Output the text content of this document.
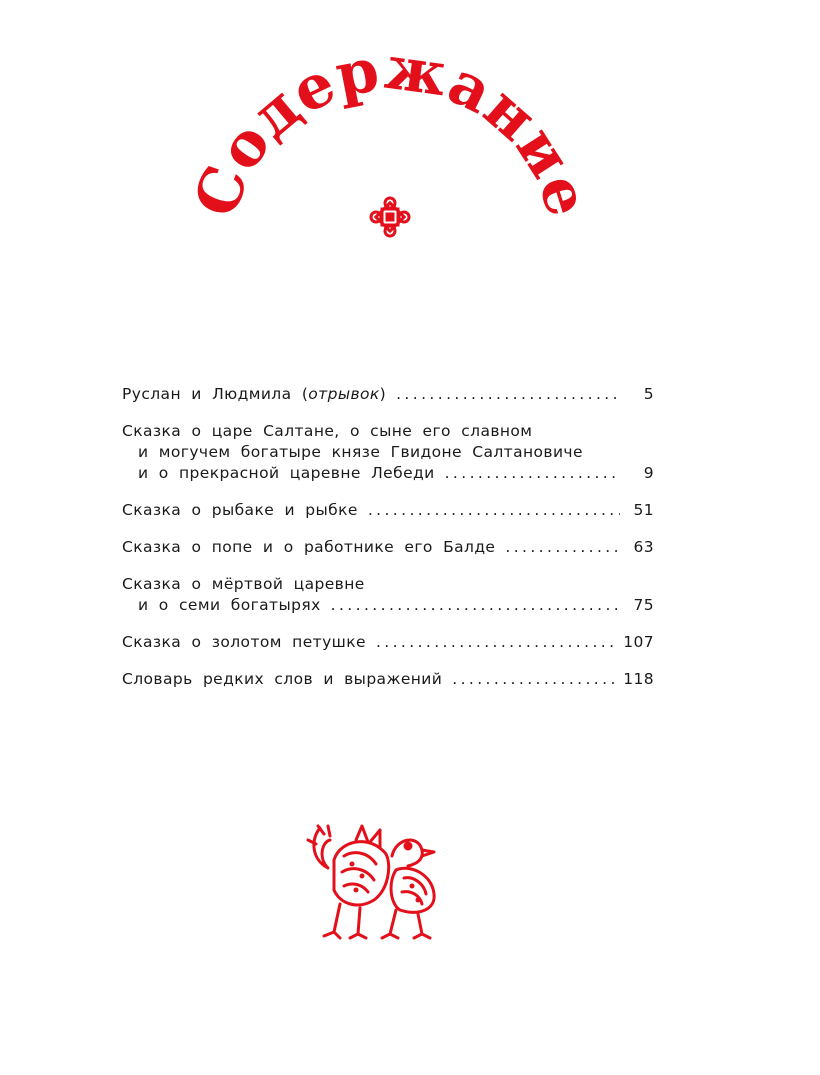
Содержание
Руслан и Людмила (отрывок) .....	5
Сказка о царе Салтане, о сыне его славном
и могучем богатыре князе Гвидоне Салтановиче
и о прекрасной царевне Лебеди .....	9
Сказка о рыбаке и рыбке .....	51
Сказка о попе и о работнике его Балде .....	63
Сказка о мёртвой царевне
и о семи богатырях .....	75
Сказка о золотом петушке .....	107
Словарь редких слов и выражений .....	118
